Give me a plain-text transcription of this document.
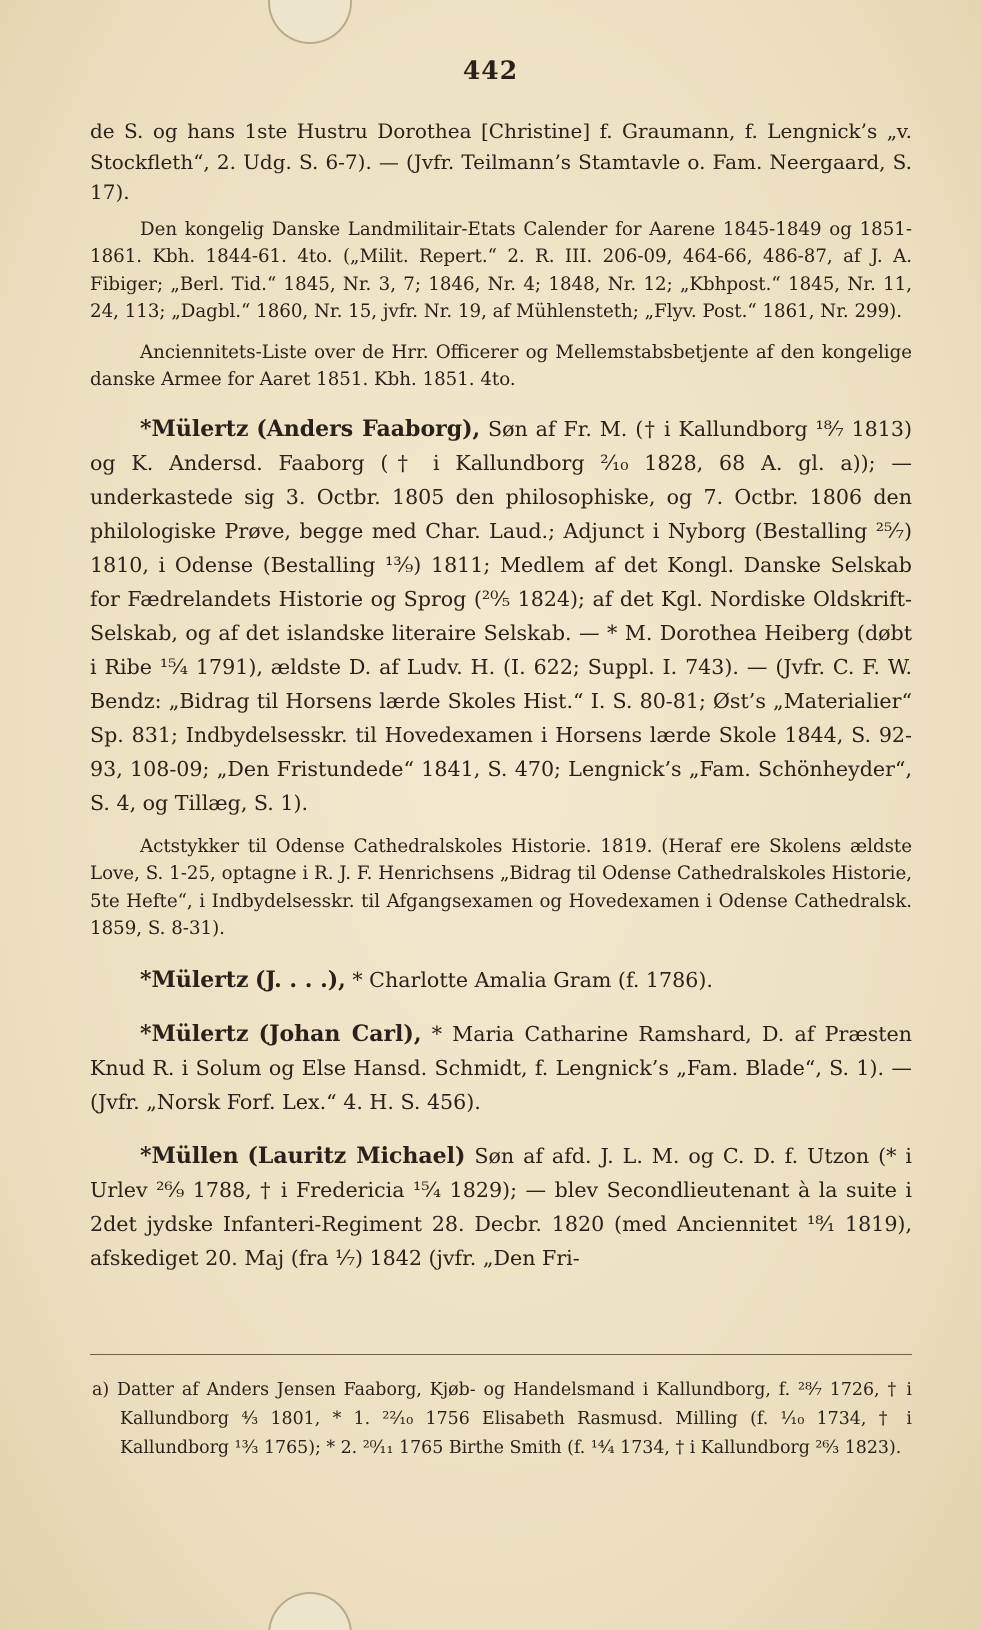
442

de S. og hans 1ste Hustru Dorothea [Christine] f. Graumann, f. Lengnick’s „v. Stockfleth“, 2. Udg. S. 6-7). — (Jvfr. Teilmann’s Stamtavle o. Fam. Neergaard, S. 17).

Den kongelig Danske Landmilitair-Etats Calender for Aarene 1845-1849 og 1851-1861. Kbh. 1844-61. 4to. („Milit. Repert.“ 2. R. III. 206-09, 464-66, 486-87, af J. A. Fibiger; „Berl. Tid.“ 1845, Nr. 3, 7; 1846, Nr. 4; 1848, Nr. 12; „Kbhpost.“ 1845, Nr. 11, 24, 113; „Dagbl.“ 1860, Nr. 15, jvfr. Nr. 19, af Mühlensteth; „Flyv. Post.“ 1861, Nr. 299).

Anciennitets-Liste over de Hrr. Officerer og Mellemstabsbetjente af den kongelige danske Armee for Aaret 1851. Kbh. 1851. 4to.

*Mülertz (Anders Faaborg), Søn af Fr. M. († i Kallundborg ¹⁸⁄₇ 1813) og K. Andersd. Faaborg († i Kallundborg ²⁄₁₀ 1828, 68 A. gl. a)); — underkastede sig 3. Octbr. 1805 den philosophiske, og 7. Octbr. 1806 den philologiske Prøve, begge med Char. Laud.; Adjunct i Nyborg (Bestalling ²⁵⁄₇) 1810, i Odense (Bestalling ¹³⁄₉) 1811; Medlem af det Kongl. Danske Selskab for Fædrelandets Historie og Sprog (²⁰⁄₅ 1824); af det Kgl. Nordiske Oldskrift-Selskab, og af det islandske literaire Selskab. — * M. Dorothea Heiberg (døbt i Ribe ¹⁵⁄₄ 1791), ældste D. af Ludv. H. (I. 622; Suppl. I. 743). — (Jvfr. C. F. W. Bendz: „Bidrag til Horsens lærde Skoles Hist.“ I. S. 80-81; Øst’s „Materialier“ Sp. 831; Indbydelsesskr. til Hovedexamen i Horsens lærde Skole 1844, S. 92-93, 108-09; „Den Fristundede“ 1841, S. 470; Lengnick’s „Fam. Schönheyder“, S. 4, og Tillæg, S. 1).

Actstykker til Odense Cathedralskoles Historie. 1819. (Heraf ere Skolens ældste Love, S. 1-25, optagne i R. J. F. Henrichsens „Bidrag til Odense Cathedralskoles Historie, 5te Hefte“, i Indbydelsesskr. til Afgangsexamen og Hovedexamen i Odense Cathedralsk. 1859, S. 8-31).

*Mülertz (J. . . .), * Charlotte Amalia Gram (f. 1786).

*Mülertz (Johan Carl), * Maria Catharine Ramshard, D. af Præsten Knud R. i Solum og Else Hansd. Schmidt, f. Lengnick’s „Fam. Blade“, S. 1). — (Jvfr. „Norsk Forf. Lex.“ 4. H. S. 456).

*Müllen (Lauritz Michael) Søn af afd. J. L. M. og C. D. f. Utzon (* i Urlev ²⁶⁄₉ 1788, † i Fredericia ¹⁵⁄₄ 1829); — blev Secondlieutenant à la suite i 2det jydske Infanteri-Regiment 28. Decbr. 1820 (med Anciennitet ¹⁸⁄₁ 1819), afskediget 20. Maj (fra ¹⁄₇) 1842 (jvfr. „Den Fri-

a) Datter af Anders Jensen Faaborg, Kjøb- og Handelsmand i Kallundborg, f. ²⁸⁄₇ 1726, † i Kallundborg ⁴⁄₃ 1801, * 1. ²²⁄₁₀ 1756 Elisabeth Rasmusd. Milling (f. ¹⁄₁₀ 1734, † i Kallundborg ¹³⁄₃ 1765); * 2. ²⁰⁄₁₁ 1765 Birthe Smith (f. ¹⁴⁄₄ 1734, † i Kallundborg ²⁶⁄₃ 1823).
